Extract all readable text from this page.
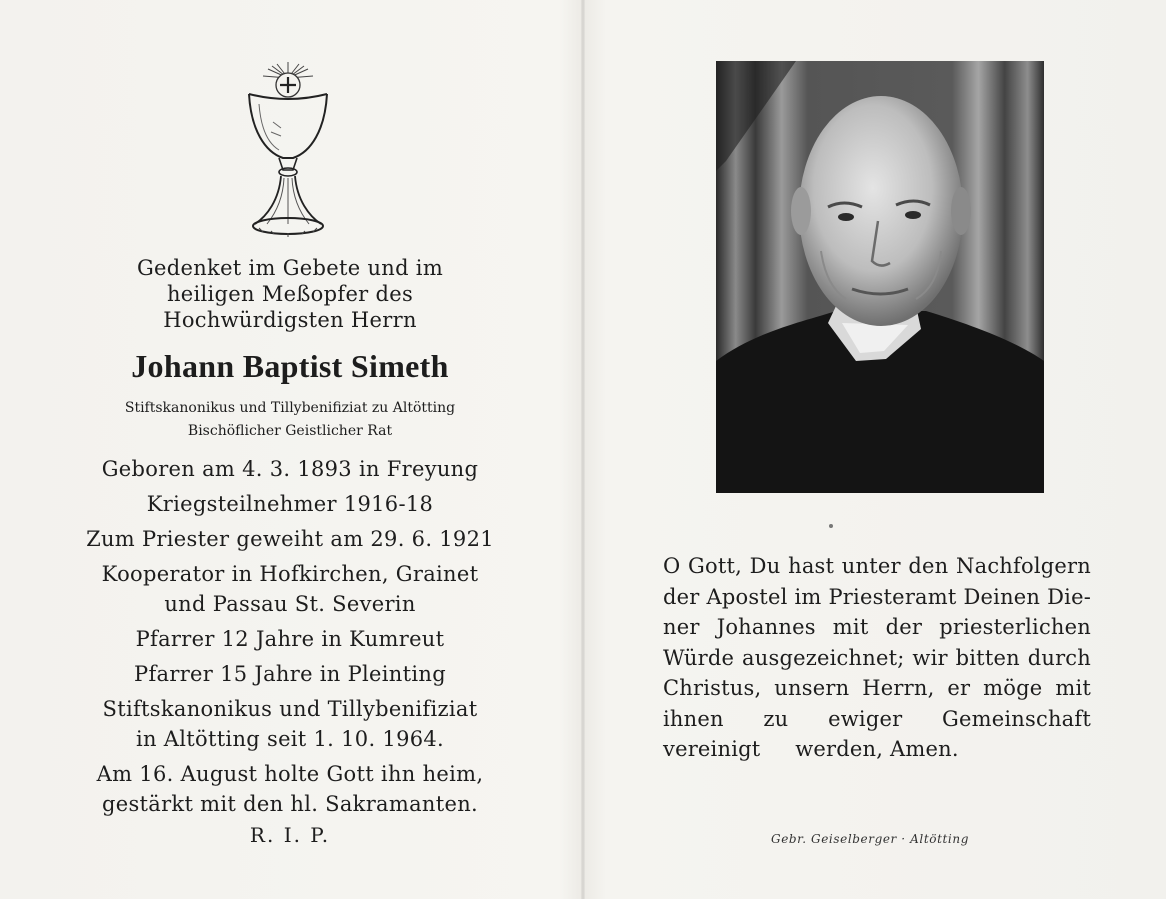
Gedenket im Gebete und im
heiligen Meßopfer des
Hochwürdigsten Herrn
Johann Baptist Simeth
Stiftskanonikus und Tillybenifiziat zu Altötting
Bischöflicher Geistlicher Rat
Geboren am 4. 3. 1893 in Freyung
Kriegsteilnehmer 1916-18
Zum Priester geweiht am 29. 6. 1921
Kooperator in Hofkirchen, Grainet
und Passau St. Severin
Pfarrer 12 Jahre in Kumreut
Pfarrer 15 Jahre in Pleinting
Stiftskanonikus und Tillybenifiziat
in Altötting seit 1. 10. 1964.
Am 16. August holte Gott ihn heim,
gestärkt mit den hl. Sakramanten.
R. I. P.
O Gott, Du hast unter den Nachfolgern
der Apostel im Priesteramt Deinen Die-
ner Johannes mit der priesterlichen
Würde ausgezeichnet; wir bitten durch
Christus, unsern Herrn, er möge mit
ihnen zu ewiger Gemeinschaft vereinigt	werden, Amen.
Gebr. Geiselberger · Altötting
